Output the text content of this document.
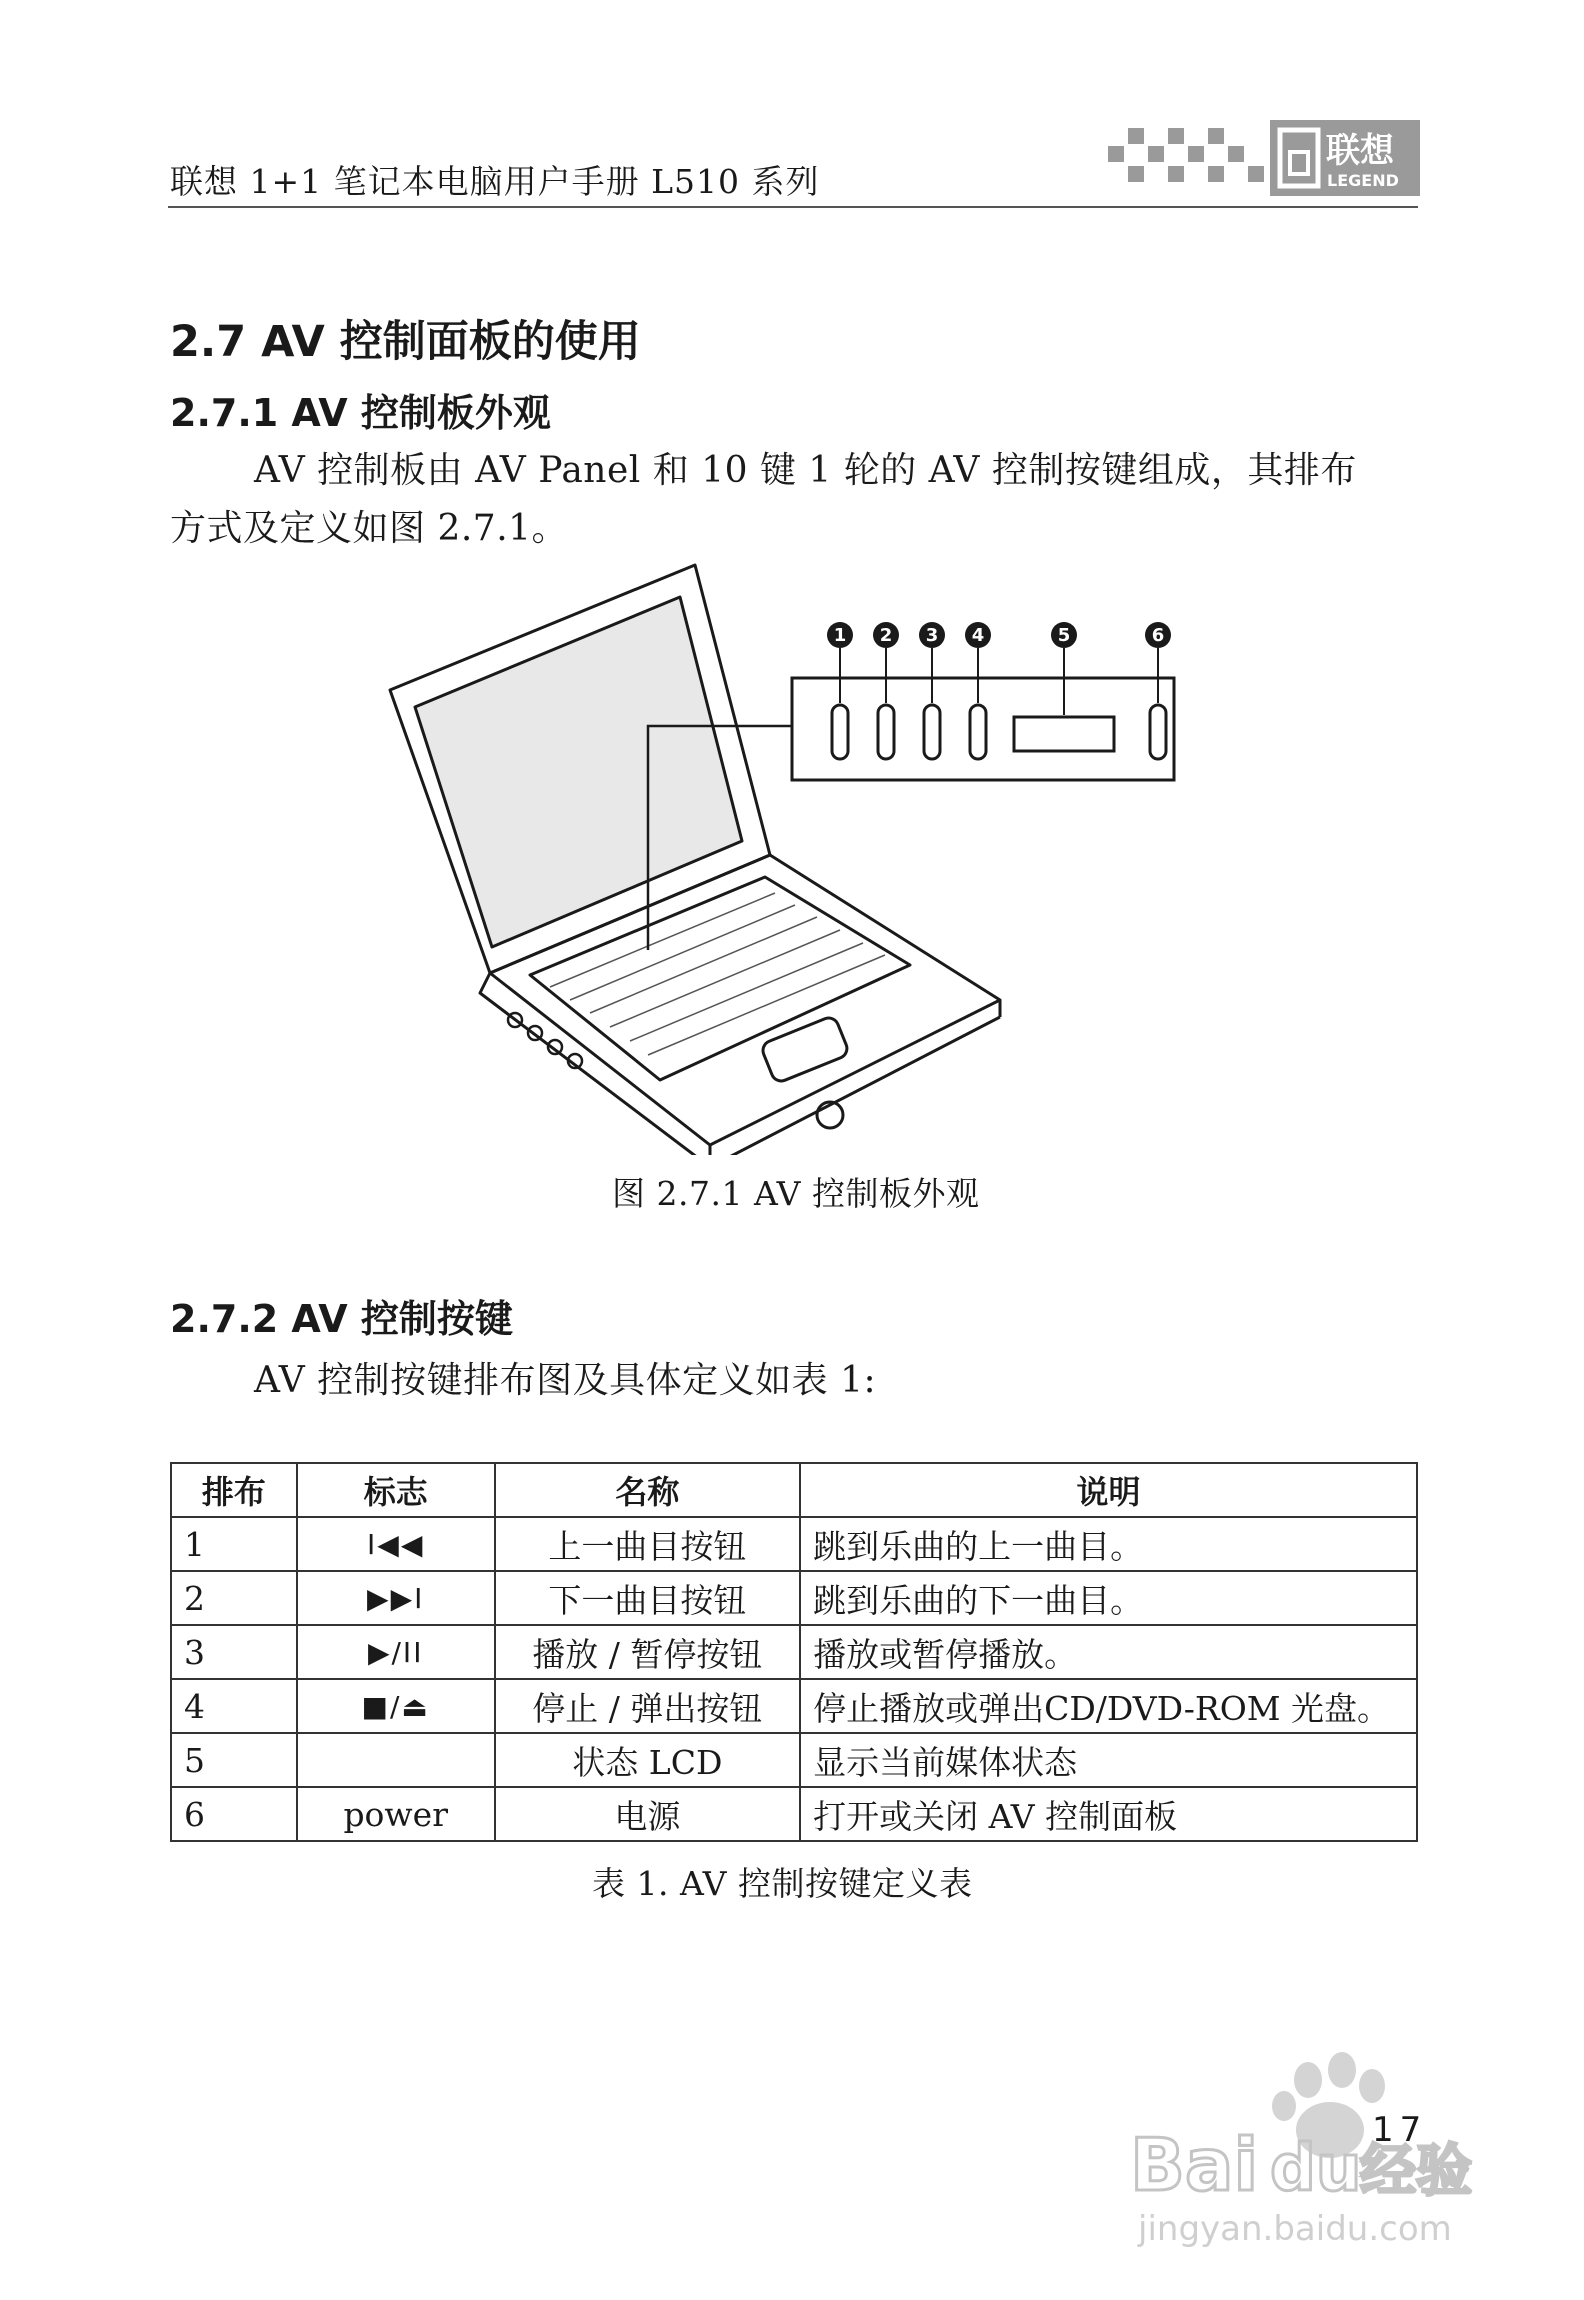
联想 1+1 笔记本电脑用户手册 L510 系列
联想
LEGEND
2.7 AV 控制面板的使用
2.7.1 AV 控制板外观
AV 控制板由 AV Panel 和 10 键 1 轮的 AV 控制按键组成，其排布
方式及定义如图 2.7.1。
1 2 3 4	5	6
图 2.7.1 AV 控制板外观
2.7.2 AV 控制按键
AV 控制按键排布图及具体定义如表 1:
排布	标志	名称	说明
1	I◀◀	上一曲目按钮	跳到乐曲的上一曲目。
2	▶▶I	下一曲目按钮	跳到乐曲的下一曲目。
3	▶/II	播放 / 暂停按钮	播放或暂停播放。
4	■/⏏	停止 / 弹出按钮	停止播放或弹出CD/DVD-ROM 光盘。
5		状态 LCD	显示当前媒体状态
6	power	电源	打开或关闭 AV 控制面板
表 1. AV 控制按键定义表
Bai du
经验
jingyan.baidu.com
17
